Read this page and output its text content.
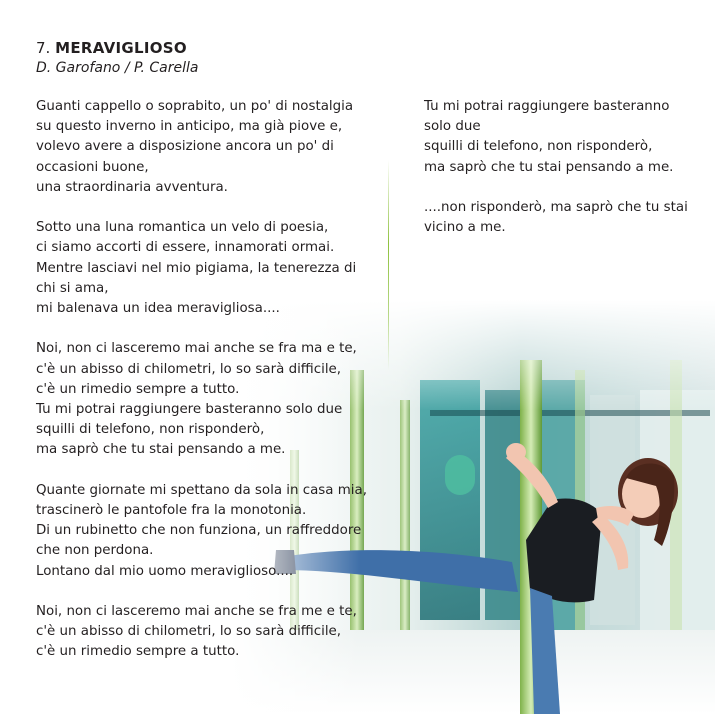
7. MERAVIGLIOSO

D. Garofano / P. Carella

Guanti cappello o soprabito, un po' di nostalgia
su questo inverno in anticipo, ma già piove e,
volevo avere a disposizione ancora un po' di
occasioni buone,
una straordinaria avventura.

Sotto una luna romantica un velo di poesia,
ci siamo accorti di essere, innamorati ormai.
Mentre lasciavi nel mio pigiama, la tenerezza di
chi si ama,
mi balenava un idea meravigliosa....

Noi, non ci lasceremo mai anche se fra ma e te,
c'è un abisso di chilometri, lo so sarà difficile,
c'è un rimedio sempre a tutto.
Tu mi potrai raggiungere basteranno solo due
squilli di telefono, non risponderò,
ma saprò che tu stai pensando a me.

Quante giornate mi spettano da sola in casa mia,
trascinerò le pantofole fra la monotonia.
Di un rubinetto che non funziona, un raffreddore
che non perdona.
Lontano dal mio uomo meraviglioso....

Noi, non ci lasceremo mai anche se fra me e te,
c'è un abisso di chilometri, lo so sarà difficile,
c'è un rimedio sempre a tutto.

Tu mi potrai raggiungere basteranno
solo due
squilli di telefono, non risponderò,
ma saprò che tu stai pensando a me.

....non risponderò, ma saprò che tu stai
vicino a me.
